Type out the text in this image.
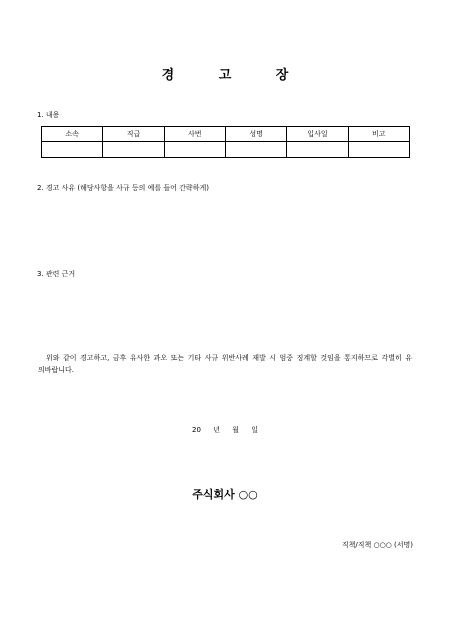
경 고 장
1. 내용
소속	직급	사번	성명	입사일	비고

2. 경고 사유 (해당사항을 사규 등의 예를 들어 간략하게)
3. 관련 근거
위와 같이 경고하고, 금후 유사한 과오 또는 기타 사규 위반사례 재발 시 엄중 징계할 것임을 통지하므로 각별히 유의바랍니다.
20 년 월 일
주식회사 ○○
직책/직책 ○○○ (서명)
